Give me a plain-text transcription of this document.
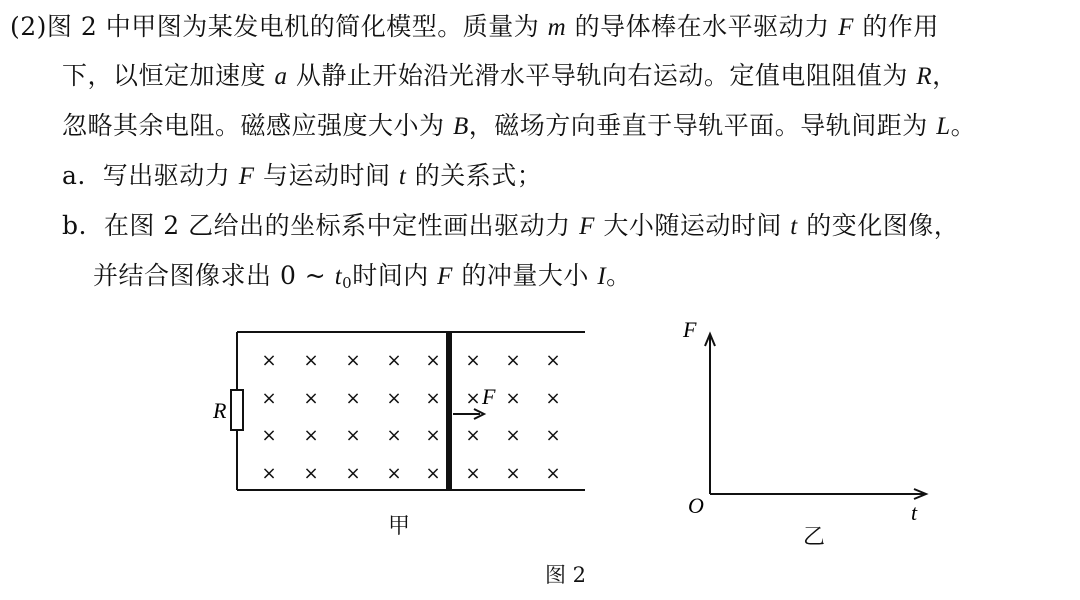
(2)图 2 中甲图为某发电机的简化模型。质量为 m 的导体棒在水平驱动力 F 的作用
下，以恒定加速度 a 从静止开始沿光滑水平导轨向右运动。定值电阻阻值为 R，
忽略其余电阻。磁感应强度大小为 B，磁场方向垂直于导轨平面。导轨间距为 L。
a. 写出驱动力 F 与运动时间 t 的关系式；
b. 在图 2 乙给出的坐标系中定性画出驱动力 F 大小随运动时间 t 的变化图像，
并结合图像求出 0 ~ $t_0$时间内 F 的冲量大小 I。
× × × × × × × ×
× × × × × × × ×
× × × × × × × ×
× × × × × × × ×
R
F
F
t
O
甲	乙
图 2
